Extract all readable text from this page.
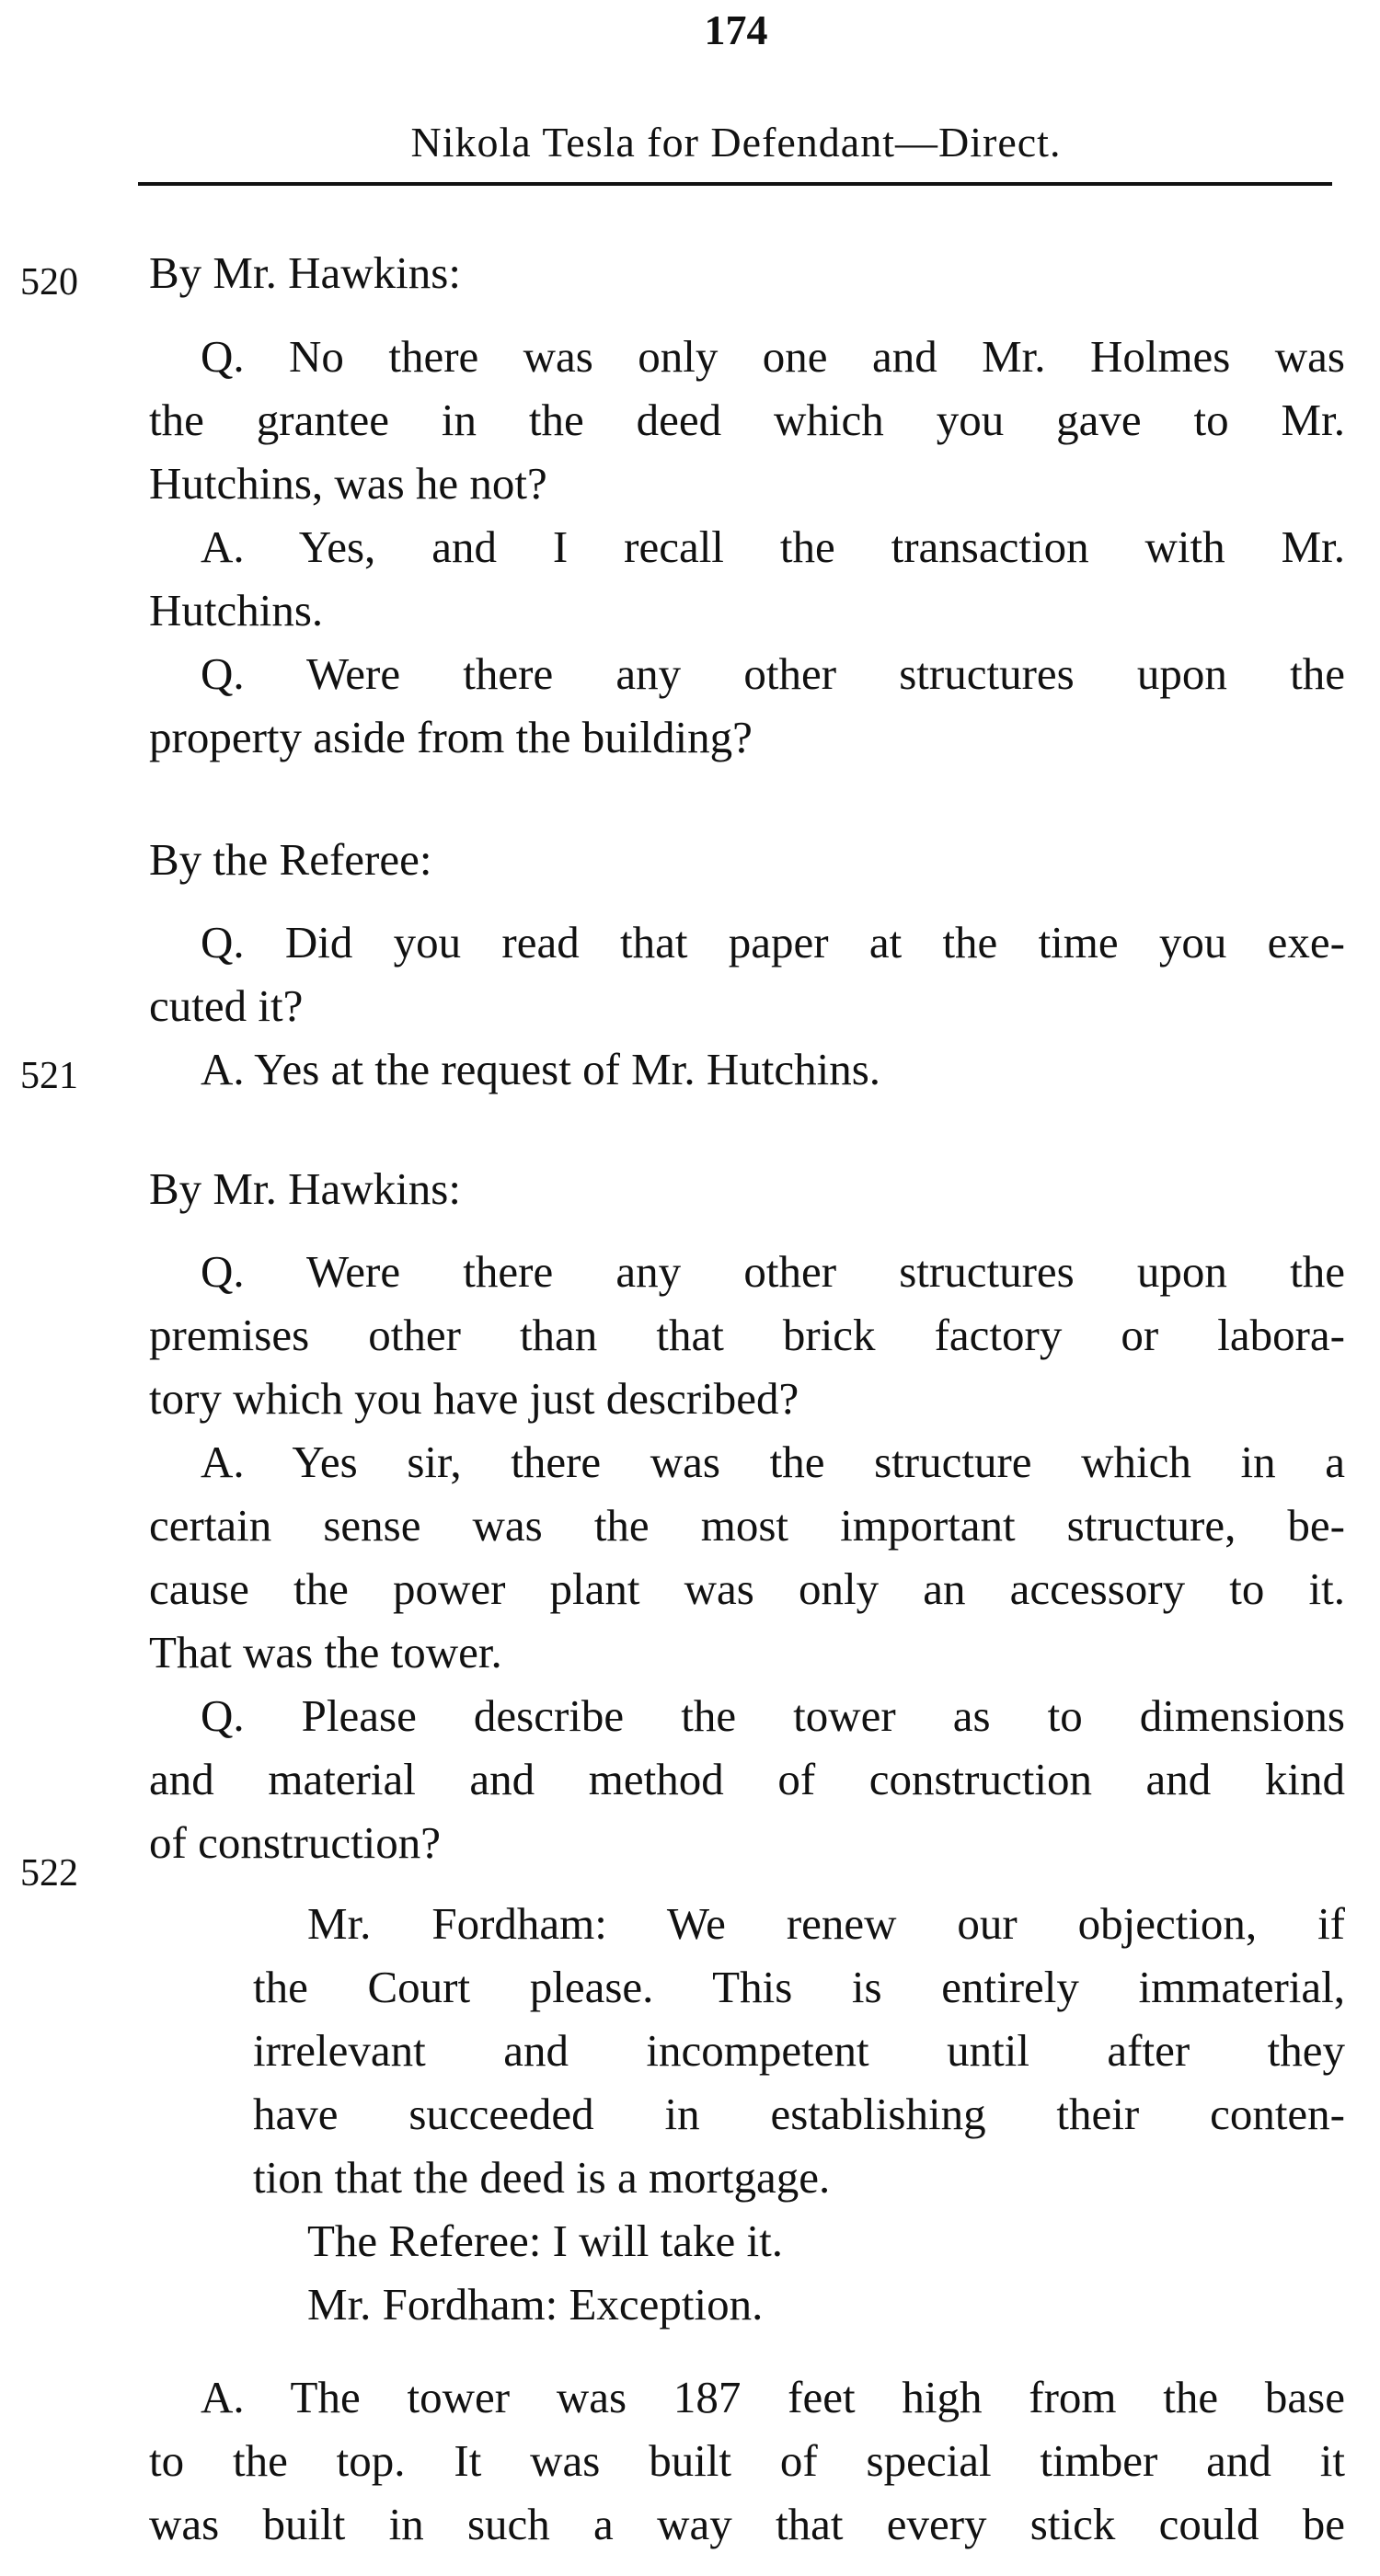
174
Nikola Tesla for Defendant—Direct.
520
521
522
By Mr. Hawkins:
Q. No there was only one and Mr. Holmes was
the grantee in the deed which you gave to Mr.
Hutchins, was he not?
A. Yes, and I recall the transaction with Mr.
Hutchins.
Q. Were there any other structures upon the
property aside from the building?
By the Referee:
Q. Did you read that paper at the time you exe-
cuted it?
A. Yes at the request of Mr. Hutchins.
By Mr. Hawkins:
Q. Were there any other structures upon the
premises other than that brick factory or labora-
tory which you have just described?
A. Yes sir, there was the structure which in a
certain sense was the most important structure, be-
cause the power plant was only an accessory to it.
That was the tower.
Q. Please describe the tower as to dimensions
and material and method of construction and kind
of construction?
Mr. Fordham: We renew our objection, if
the Court please. This is entirely immaterial,
irrelevant and incompetent until after they
have succeeded in establishing their conten-
tion that the deed is a mortgage.
The Referee: I will take it.
Mr. Fordham: Exception.
A. The tower was 187 feet high from the base
to the top. It was built of special timber and it
was built in such a way that every stick could be
